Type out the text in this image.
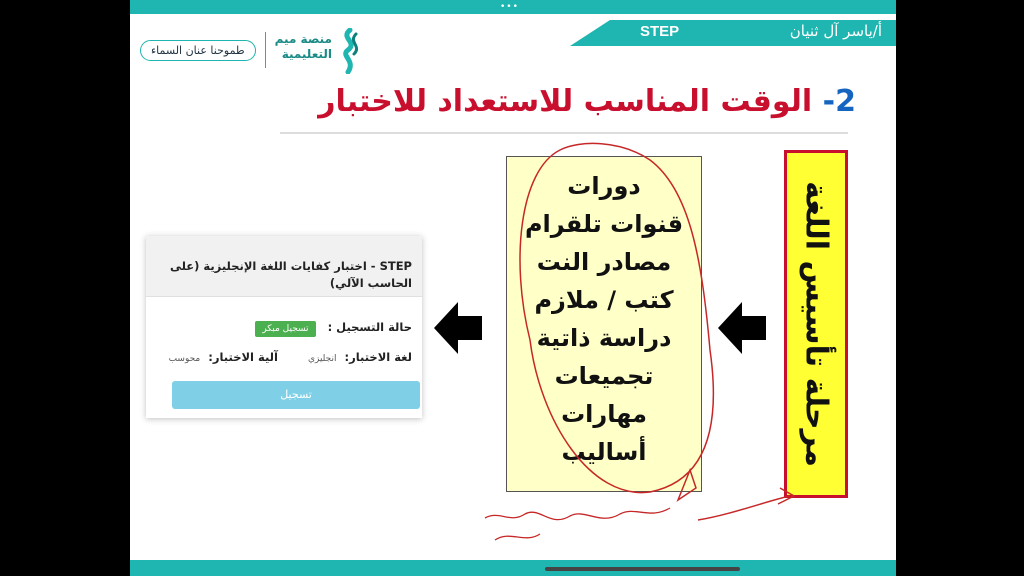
•••
STEP	أ/ياسر آل ثنيان
طموحنا عنان السماء
منصة ميم
التعليمية
2- الوقت المناسب للاستعداد للاختبار
STEP - اختبار كفايات اللغة الإنجليزية (على الحاسب الآلي)
حالة التسجيل : تسجيل مبكر
لغة الاختبار: انجليزي آلية الاختبار: محوسب
تسجيل
دورات
قنوات تلقرام
مصادر النت
كتب / ملازم
دراسة ذاتية
تجميعات
مهارات
أساليب	مرحلة تأسيس اللغة
